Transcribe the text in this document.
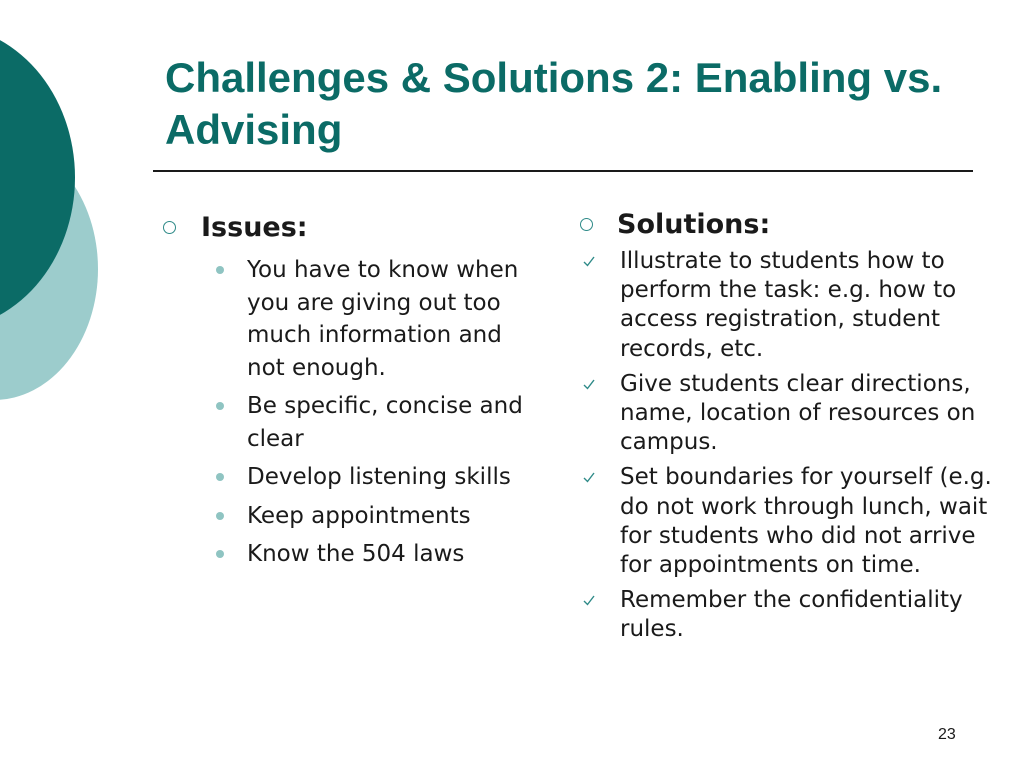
Challenges & Solutions 2: Enabling vs. Advising
Issues:
You have to know when you are giving out too much information and not enough.
Be specific, concise and clear
Develop listening skills
Keep appointments
Know the 504 laws
Solutions:
Illustrate to students how to perform the task: e.g. how to access registration, student records, etc.
Give students clear directions, name, location of resources on campus.
Set boundaries for yourself (e.g. do not work through lunch, wait for students who did not arrive for appointments on time.
Remember the confidentiality rules.
23
